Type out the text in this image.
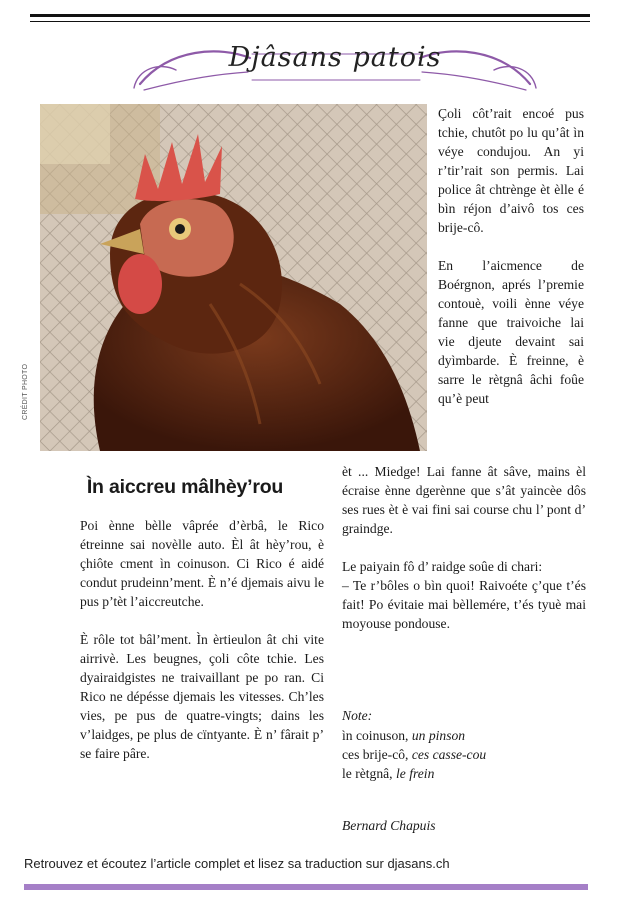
Djâsans patois
CRÉDIT PHOTO

Çoli côt’rait encoé pus tchie, chutôt po lu qu’ât ìn véye condujou. An yi r’tir’rait son permis. Lai police ât chtrènge èt èlle é bìn réjon d’aivô tos ces brije-cô.

En l’aicmence de Boérgnon, aprés l’premie contouè, voili ènne véye fanne que traivoiche lai vie djeute devaint sai dyìmbarde. È freinne, è sarre le rètgnâ âchi foûe qu’è peut

Ìn aiccreu mâlhèy’rou

Poi ènne bèlle vâprée d’èrbâ, le Rico étreinne sai novèlle auto. Èl ât hèy’rou, è çhiôte cment ìn coinuson. Ci Rico é aidé condut prudeinn’ment. È n’é djemais aivu le pus p’tèt l’aiccreutche.

È rôle tot bâl’ment. Ìn èrtieulon ât chi vite airrivè. Les beugnes, çoli côte tchie. Les dyairaidgistes ne traivaillant pe po ran. Ci Rico ne dépésse djemais les vitesses. Ch’les vies, pe pus de quatre-vingts; dains les v’laidges, pe plus de cïntyante. È n’ fârait p’ se faire pâre.

èt ... Miedge! Lai fanne ât sâve, mains èl écraise ènne dgerènne que s’ât yaincèe dôs ses rues èt è vai fini sai course chu l’ pont d’ graindge.

Le paiyain fô d’ raidge soûe di chari:

– Te r’bôles o bìn quoi! Raivoéte ç’que t’és fait! Po évitaie mai bèllemére, t’és tyuè mai moyouse pondouse.

Note:
ìn coinuson, un pinson
ces brije-cô, ces casse-cou
le rètgnâ, le frein
Bernard Chapuis
Retrouvez et écoutez l’article complet et lisez sa traduction sur djasans.ch
